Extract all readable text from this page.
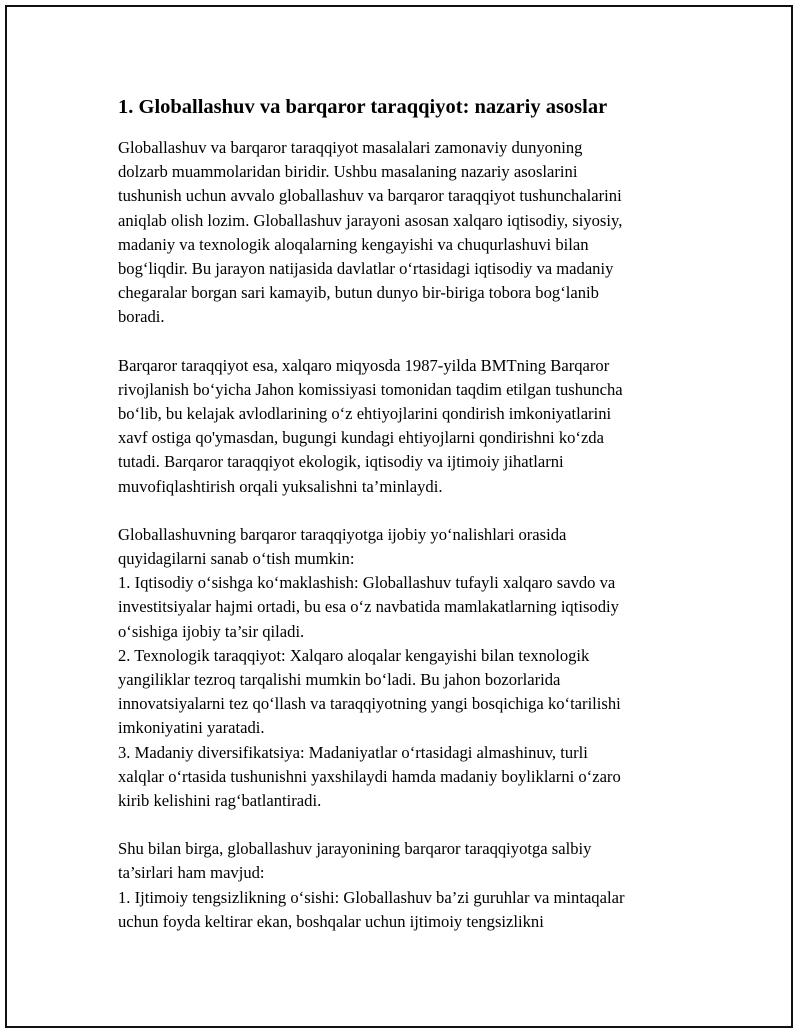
1. Globallashuv va barqaror taraqqiyot: nazariy asoslar
Globallashuv va barqaror taraqqiyot masalalari zamonaviy dunyoning
dolzarb muammolaridan biridir. Ushbu masalaning nazariy asoslarini
tushunish uchun avvalo globallashuv va barqaror taraqqiyot tushunchalarini
aniqlab olish lozim. Globallashuv jarayoni asosan xalqaro iqtisodiy, siyosiy,
madaniy va texnologik aloqalarning kengayishi va chuqurlashuvi bilan
bog‘liqdir. Bu jarayon natijasida davlatlar o‘rtasidagi iqtisodiy va madaniy
chegaralar borgan sari kamayib, butun dunyo bir-biriga tobora bog‘lanib
boradi.
Barqaror taraqqiyot esa, xalqaro miqyosda 1987-yilda BMTning Barqaror
rivojlanish bo‘yicha Jahon komissiyasi tomonidan taqdim etilgan tushuncha
bo‘lib, bu kelajak avlodlarining o‘z ehtiyojlarini qondirish imkoniyatlarini
xavf ostiga qo'ymasdan, bugungi kundagi ehtiyojlarni qondirishni ko‘zda
tutadi. Barqaror taraqqiyot ekologik, iqtisodiy va ijtimoiy jihatlarni
muvofiqlashtirish orqali yuksalishni ta’minlaydi.
Globallashuvning barqaror taraqqiyotga ijobiy yo‘nalishlari orasida
quyidagilarni sanab o‘tish mumkin:
1. Iqtisodiy o‘sishga ko‘maklashish: Globallashuv tufayli xalqaro savdo va
investitsiyalar hajmi ortadi, bu esa o‘z navbatida mamlakatlarning iqtisodiy
o‘sishiga ijobiy ta’sir qiladi.
2. Texnologik taraqqiyot: Xalqaro aloqalar kengayishi bilan texnologik
yangiliklar tezroq tarqalishi mumkin bo‘ladi. Bu jahon bozorlarida
innovatsiyalarni tez qo‘llash va taraqqiyotning yangi bosqichiga ko‘tarilishi
imkoniyatini yaratadi.
3. Madaniy diversifikatsiya: Madaniyatlar o‘rtasidagi almashinuv, turli
xalqlar o‘rtasida tushunishni yaxshilaydi hamda madaniy boyliklarni o‘zaro
kirib kelishini rag‘batlantiradi.
Shu bilan birga, globallashuv jarayonining barqaror taraqqiyotga salbiy
ta’sirlari ham mavjud:
1. Ijtimoiy tengsizlikning o‘sishi: Globallashuv ba’zi guruhlar va mintaqalar
uchun foyda keltirar ekan, boshqalar uchun ijtimoiy tengsizlikni
